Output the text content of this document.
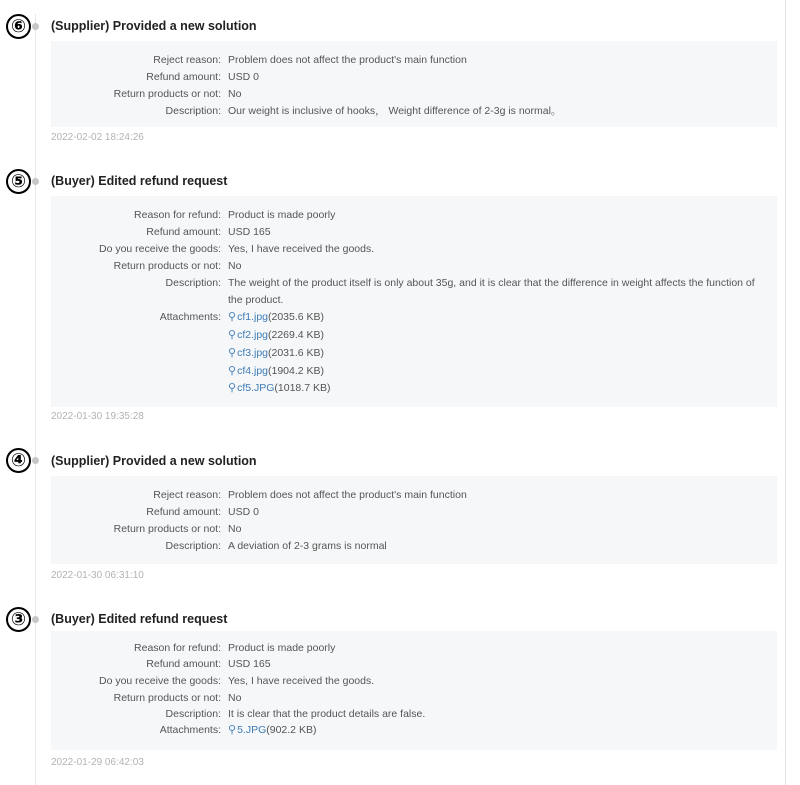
⑥	(Supplier) Provided a new solution
Reject reason: Problem does not affect the product's main function
Refund amount: USD 0
Return products or not: No
Description: Our weight is inclusive of hooks， Weight difference of 2-3g is normal。
2022-02-02 18:24:26
⑤	(Buyer) Edited refund request
Reason for refund: Product is made poorly
Refund amount: USD 165
Do you receive the goods: Yes, I have received the goods.
Return products or not: No
Description: The weight of the product itself is only about 35g, and it is clear that the difference in weight affects the function of the product.
Attachments: ⚲cf1.jpg(2035.6 KB)
⚲cf2.jpg(2269.4 KB)
⚲cf3.jpg(2031.6 KB)
⚲cf4.jpg(1904.2 KB)
⚲cf5.JPG(1018.7 KB)
2022-01-30 19:35:28
④	(Supplier) Provided a new solution
Reject reason: Problem does not affect the product's main function
Refund amount: USD 0
Return products or not: No
Description: A deviation of 2-3 grams is normal
2022-01-30 06:31:10
③	(Buyer) Edited refund request
Reason for refund: Product is made poorly
Refund amount: USD 165
Do you receive the goods: Yes, I have received the goods.
Return products or not: No
Description: It is clear that the product details are false.
Attachments: ⚲5.JPG(902.2 KB)
2022-01-29 06:42:03
